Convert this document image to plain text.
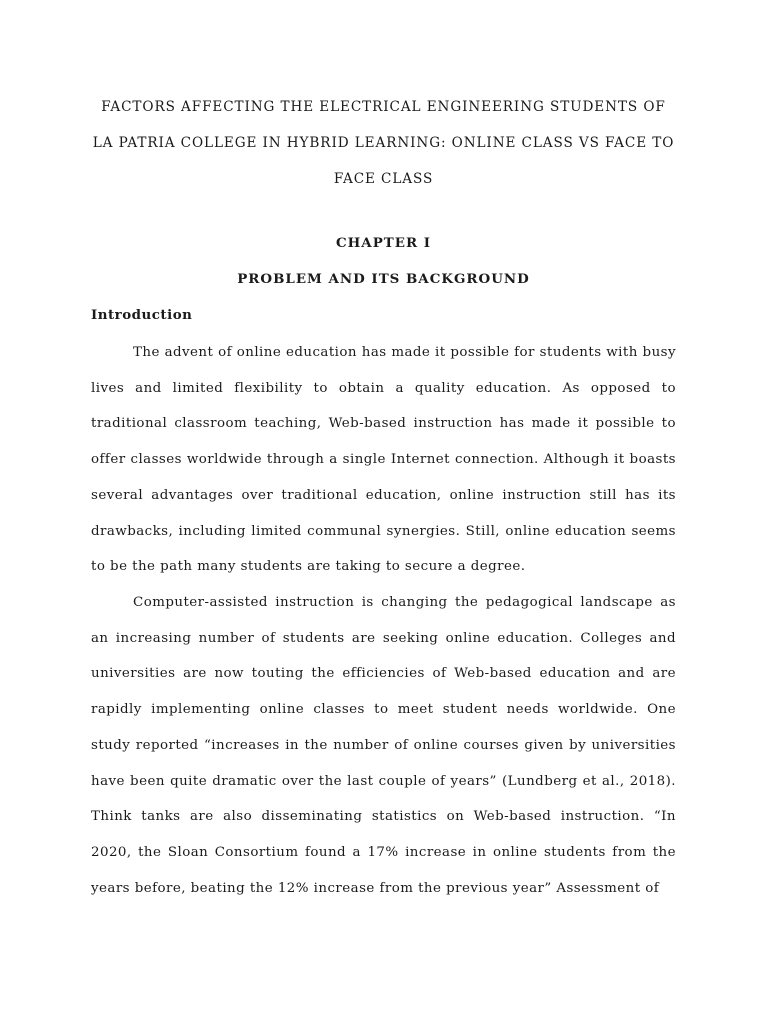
FACTORS AFFECTING THE ELECTRICAL ENGINEERING STUDENTS OF LA PATRIA COLLEGE IN HYBRID LEARNING: ONLINE CLASS VS FACE TO FACE CLASS
CHAPTER I
PROBLEM AND ITS BACKGROUND
Introduction

The advent of online education has made it possible for students with busy lives and limited flexibility to obtain a quality education. As opposed to traditional classroom teaching, Web-based instruction has made it possible to offer classes worldwide through a single Internet connection. Although it boasts several advantages over traditional education, online instruction still has its drawbacks, including limited communal synergies. Still, online education seems to be the path many students are taking to secure a degree.

Computer-assisted instruction is changing the pedagogical landscape as an increasing number of students are seeking online education. Colleges and universities are now touting the efficiencies of Web-based education and are rapidly implementing online classes to meet student needs worldwide. One study reported “increases in the number of online courses given by universities have been quite dramatic over the last couple of years” (Lundberg et al., 2018). Think tanks are also disseminating statistics on Web-based instruction. “In 2020, the Sloan Consortium found a 17% increase in online students from the years before, beating the 12% increase from the previous year” Assessment of
